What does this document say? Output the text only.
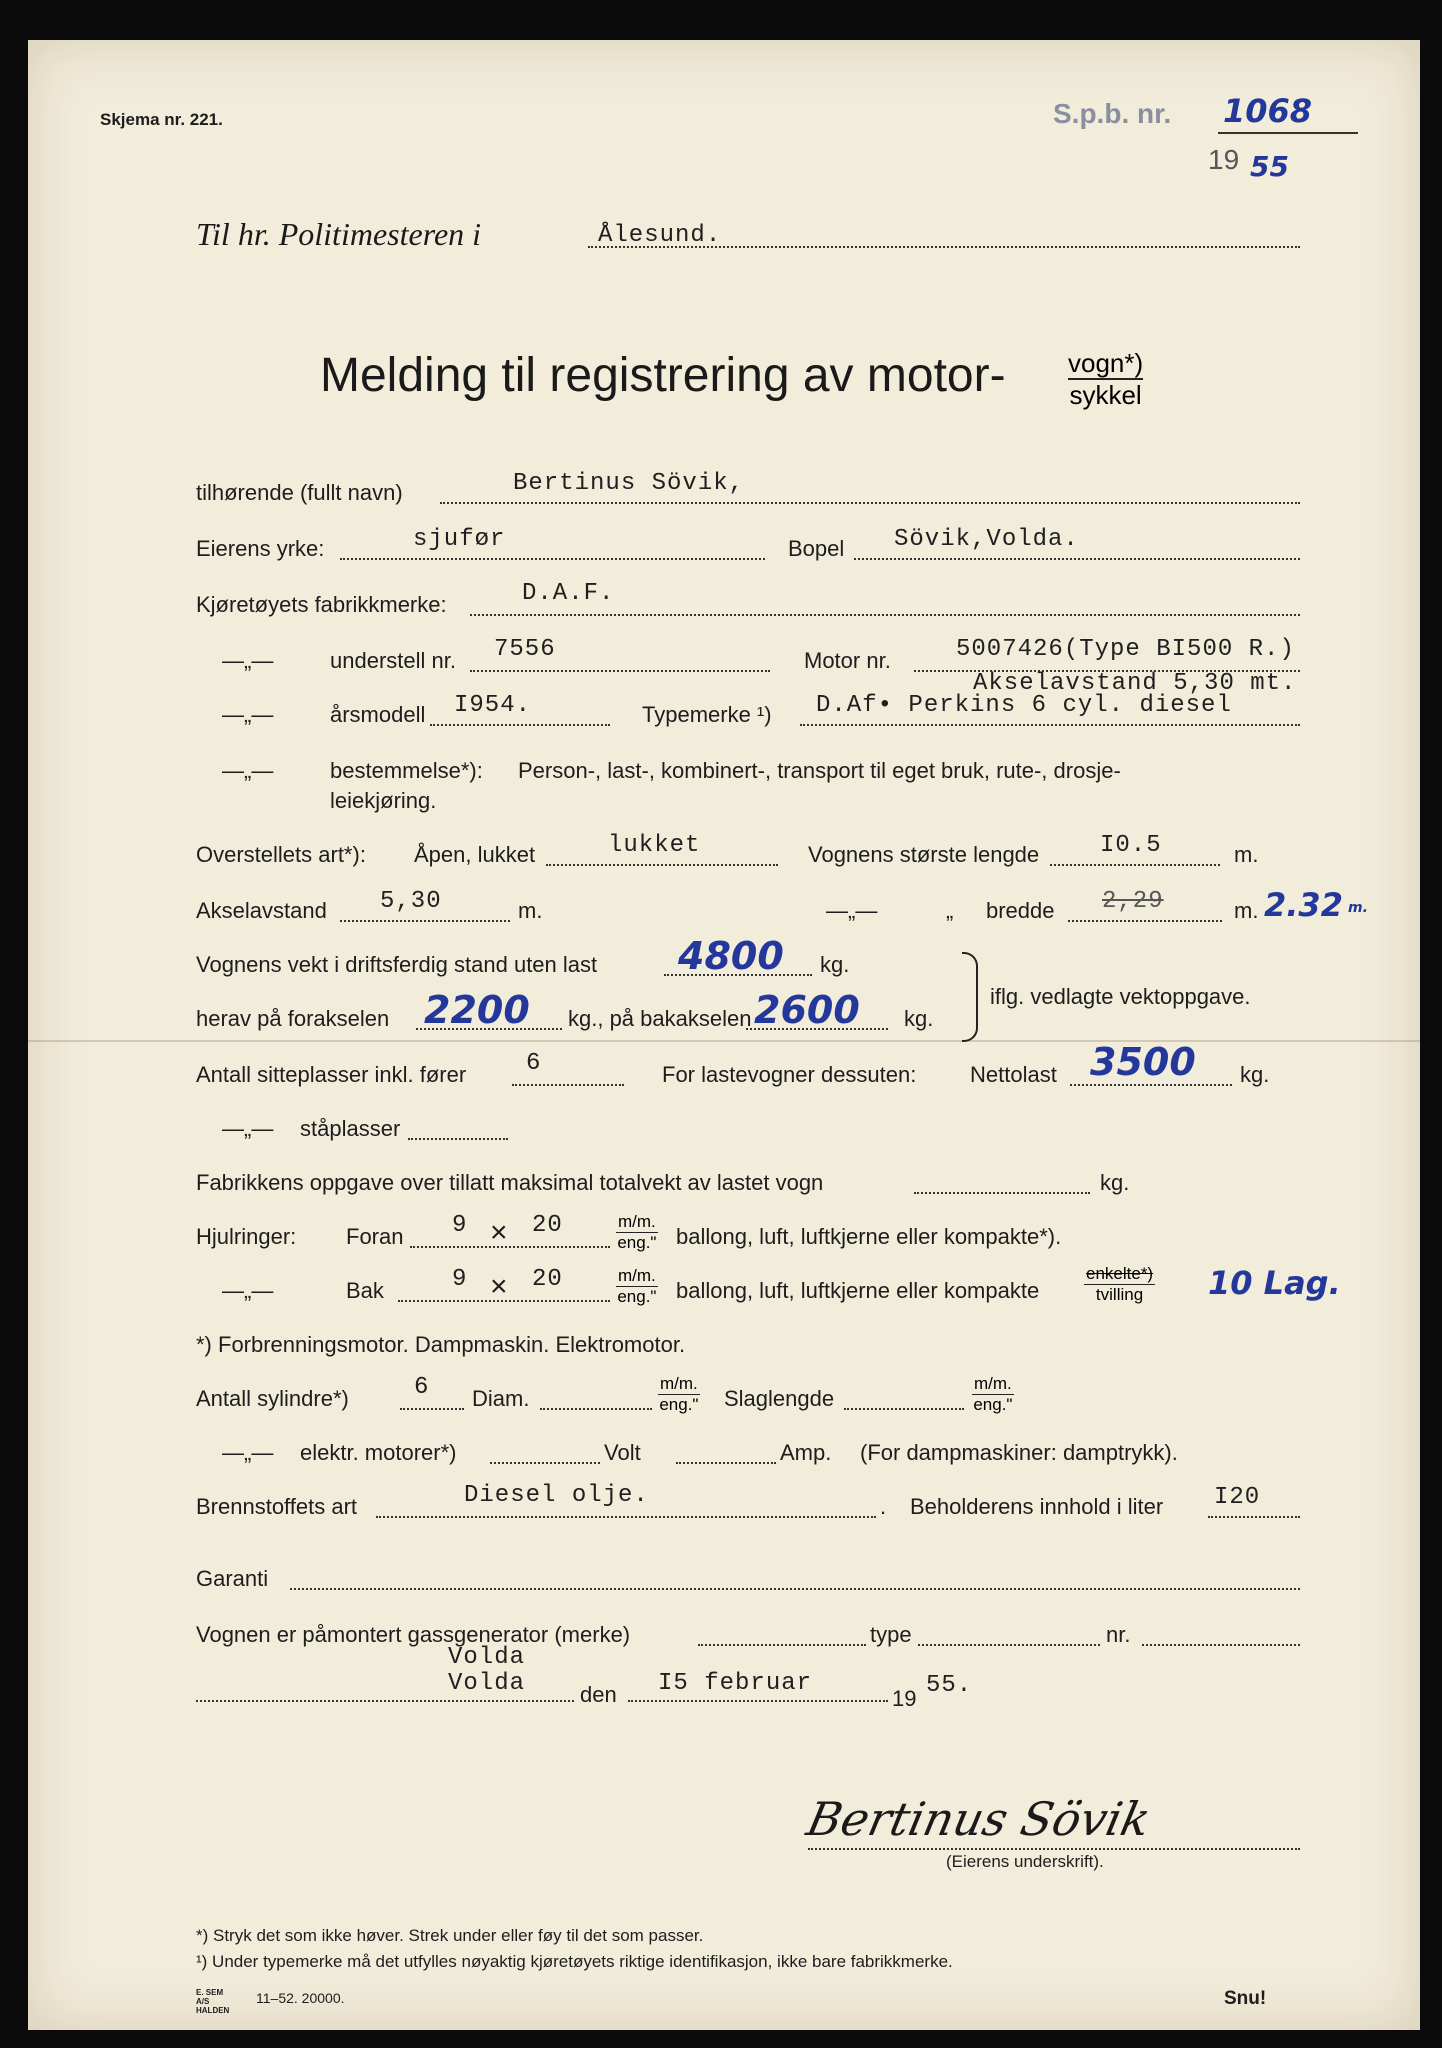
Skjema nr. 221.	S.p.b. nr. 1068
19 55
Til hr. Politimesteren i	Ålesund.
Melding til registrering av motor- vogn*)
sykkel
tilhørende (fullt navn)	Bertinus Sövik,
Eierens yrke:	sjufør	Bopel Sövik,Volda.
Kjøretøyets fabrikkmerke:	D.A.F.
—„—	understell nr. 7556	Motor nr.	5007426(Type BI500 R.)
Akselavstand 5,30 mt.
—„—	årsmodell I954.	Typemerke ¹) D.Af• Perkins 6 cyl. diesel
—„—	bestemmelse*): Person-, last-, kombinert-, transport til eget bruk, rute-, drosje-
leiekjøring.
Overstellets art*): Åpen, lukket	lukket	Vognens største lengde	I0.5	m.
Akselavstand 5,30	m.	—„—	„ bredde 2,29	m. 2.32 m.
Vognens vekt i driftsferdig stand uten last 4800 kg.
herav på forakselen 2200 kg., på bakakselen 2600 kg.
iflg. vedlagte vektoppgave.
Antall sitteplasser inkl. fører 6	For lastevogner dessuten: Nettolast 3500 kg.
—„— ståplasser
Fabrikkens oppgave over tillatt maksimal totalvekt av lastet vogn	kg.
Hjulringer: Foran 9 × 20	m/m.
eng." ballong, luft, luftkjerne eller kompakte*).
—„—	Bak	9 × 20	m/m.
eng." ballong, luft, luftkjerne eller kompakte
enkelte*)
tvilling	10 Lag.
*) Forbrenningsmotor. Dampmaskin. Elektromotor.
Antall sylindre*)	6 Diam.
m/m.
eng." Slaglengde
m/m.
eng."
—„— elektr. motorer*)	Volt	Amp. (For dampmaskiner: damptrykk).
Brennstoffets art	Diesel olje.	. Beholderens innhold i liter I20
Garanti
Vognen er påmontert gassgenerator (merke)	type	nr.
Volda
Volda den I5 februar
19 55.
Bertinus Sövik
(Eierens underskrift).
*) Stryk det som ikke høver. Strek under eller føy til det som passer.
¹) Under typemerke må det utfylles nøyaktig kjøretøyets riktige identifikasjon, ikke bare fabrikkmerke.
E. SEM A/S HALDEN
11–52. 20000.	Snu!
